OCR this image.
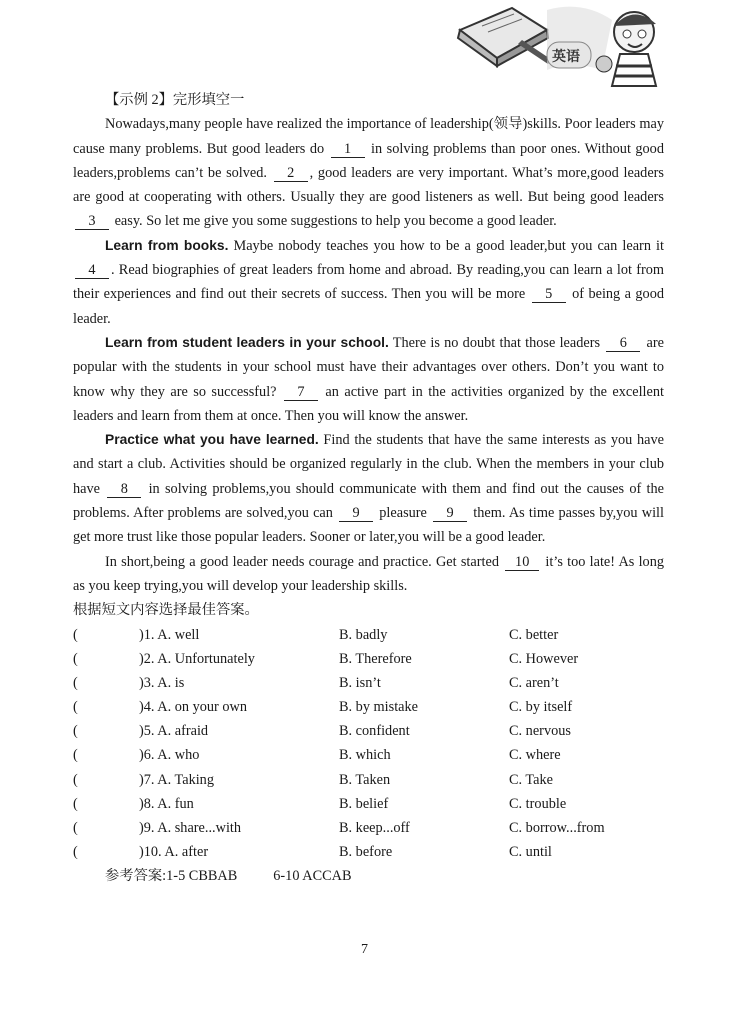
英语
【示例 2】完形填空一

Nowadays,many people have realized the importance of leadership(领导)skills. Poor leaders may cause many problems. But good leaders do 1 in solving problems than poor ones. Without good leaders,problems can’t be solved. 2 , good leaders are very important. What’s more,good leaders are good at cooperating with others. Usually they are good listeners as well. But being good leaders 3 easy. So let me give you some suggestions to help you become a good leader.

Learn from books. Maybe nobody teaches you how to be a good leader,but you can learn it 4 . Read biographies of great leaders from home and abroad. By reading,you can learn a lot from their experiences and find out their secrets of success. Then you will be more 5 of being a good leader.

Learn from student leaders in your school. There is no doubt that those leaders 6 are popular with the students in your school must have their advantages over others. Don’t you want to know why they are so successful? 7 an active part in the activities organized by the excellent leaders and learn from them at once. Then you will know the answer.

Practice what you have learned. Find the students that have the same interests as you have and start a club. Activities should be organized regularly in the club. When the members in your club have 8 in solving problems,you should communicate with them and find out the causes of the problems. After problems are solved,you can 9 pleasure 9 them. As time passes by,you will get more trust like those popular leaders. Sooner or later,you will be a good leader.

In short,being a good leader needs courage and practice. Get started 10 it’s too late! As long as you keep trying,you will develop your leadership skills.

根据短文内容选择最佳答案。

(	)1. A. well	B. badly	C. better
(	)2. A. Unfortunately	B. Therefore	C. However
(	)3. A. is	B. isn’t	C. aren’t
(	)4. A. on your own	B. by mistake	C. by itself
(	)5. A. afraid	B. confident	C. nervous
(	)6. A. who	B. which	C. where
(	)7. A. Taking	B. Taken	C. Take
(	)8. A. fun	B. belief	C. trouble
(	)9. A. share...with	B. keep...off	C. borrow...from
(	)10. A. after	B. before	C. until
参考答案:1-5 CBBAB	6-10 ACCAB
7
